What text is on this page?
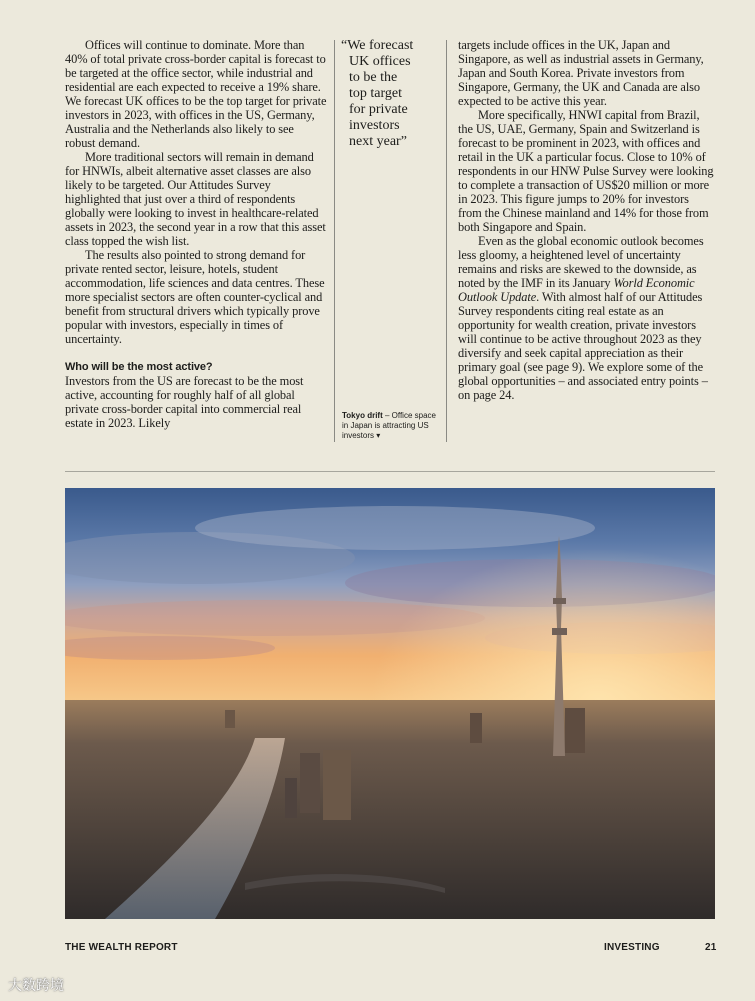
Offices will continue to dominate. More than 40% of total private cross-border capital is forecast to be targeted at the office sector, while industrial and residential are each expected to receive a 19% share. We forecast UK offices to be the top target for private investors in 2023, with offices in the US, Germany, Australia and the Netherlands also likely to see robust demand.

More traditional sectors will remain in demand for HNWIs, albeit alternative asset classes are also likely to be targeted. Our Attitudes Survey highlighted that just over a third of respondents globally were looking to invest in healthcare-related assets in 2023, the second year in a row that this asset class topped the wish list.

The results also pointed to strong demand for private rented sector, leisure, hotels, student accommodation, life sciences and data centres. These more specialist sectors are often counter-cyclical and benefit from structural drivers which typically prove popular with investors, especially in times of uncertainty.

Who will be the most active?

Investors from the US are forecast to be the most active, accounting for roughly half of all global private cross-border capital into commercial real estate in 2023. Likely

“We forecast
UK offices
to be the
top target
for private
investors
next year”
Tokyo drift – Office space in Japan is attracting US investors ▾

targets include offices in the UK, Japan and Singapore, as well as industrial assets in Germany, Japan and South Korea. Private investors from Singapore, Germany, the UK and Canada are also expected to be active this year.

More specifically, HNWI capital from Brazil, the US, UAE, Germany, Spain and Switzerland is forecast to be prominent in 2023, with offices and retail in the UK a particular focus. Close to 10% of respondents in our HNW Pulse Survey were looking to complete a transaction of US$20 million or more in 2023. This figure jumps to 20% for investors from the Chinese mainland and 14% for those from both Singapore and Spain.

Even as the global economic outlook becomes less gloomy, a heightened level of uncertainty remains and risks are skewed to the downside, as noted by the IMF in its January World Economic Outlook Update. With almost half of our Attitudes Survey respondents citing real estate as an opportunity for wealth creation, private investors will continue to be active throughout 2023 as they diversify and seek capital appreciation as their primary goal (see page 9). We explore some of the global opportunities – and associated entry points – on page 24.

THE WEALTH REPORT	INVESTING	21
大数跨境
